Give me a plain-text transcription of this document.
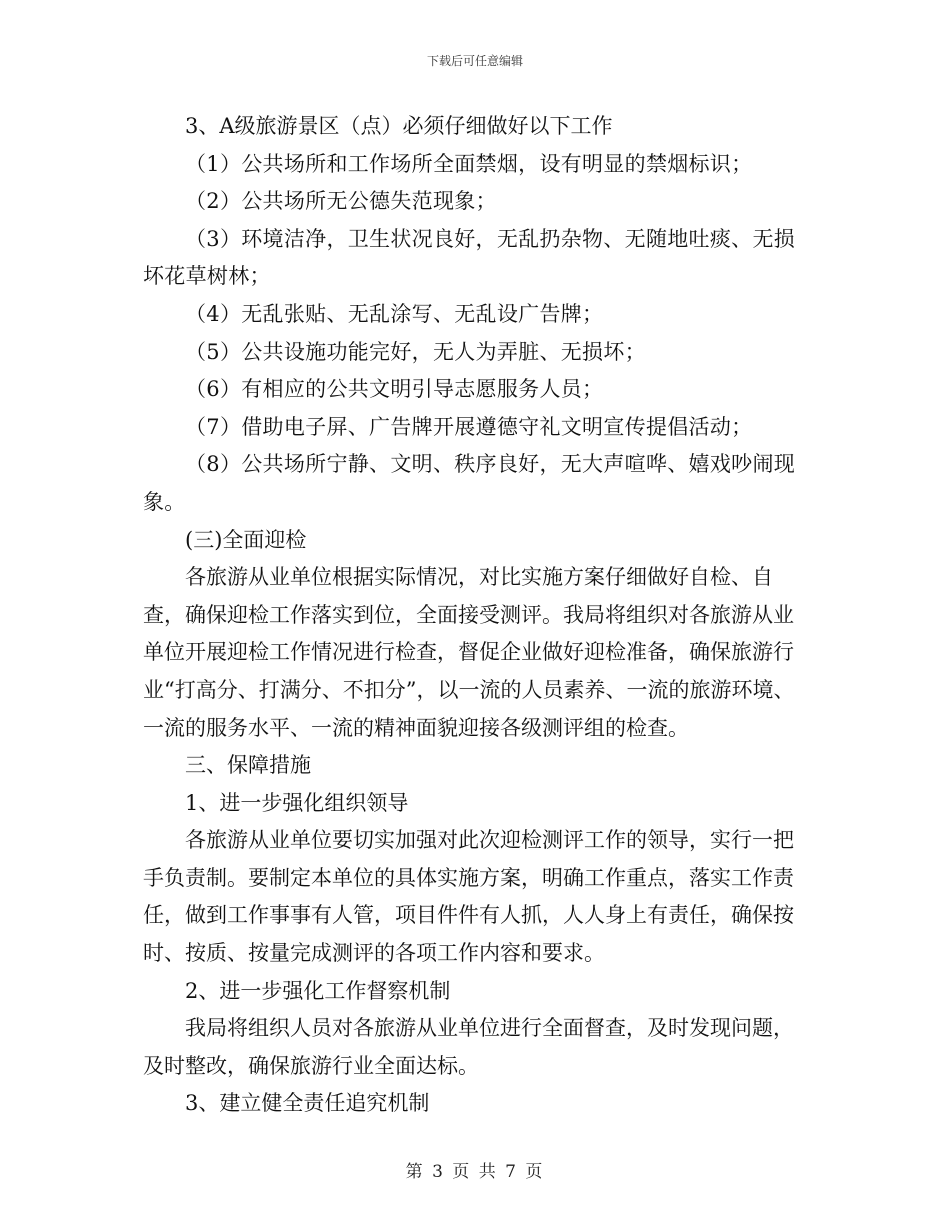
下载后可任意编辑

3、A级旅游景区（点）必须仔细做好以下工作

（1）公共场所和工作场所全面禁烟，设有明显的禁烟标识；

（2）公共场所无公德失范现象；

（3）环境洁净，卫生状况良好，无乱扔杂物、无随地吐痰、无损坏花草树林；

（4）无乱张贴、无乱涂写、无乱设广告牌；

（5）公共设施功能完好，无人为弄脏、无损坏；

（6）有相应的公共文明引导志愿服务人员；

（7）借助电子屏、广告牌开展遵德守礼文明宣传提倡活动；

（8）公共场所宁静、文明、秩序良好，无大声喧哗、嬉戏吵闹现象。

(三)全面迎检

各旅游从业单位根据实际情况，对比实施方案仔细做好自检、自查，确保迎检工作落实到位，全面接受测评。我局将组织对各旅游从业单位开展迎检工作情况进行检查，督促企业做好迎检准备，确保旅游行业“打高分、打满分、不扣分”，以一流的人员素养、一流的旅游环境、一流的服务水平、一流的精神面貌迎接各级测评组的检查。

三、保障措施

1、进一步强化组织领导

各旅游从业单位要切实加强对此次迎检测评工作的领导，实行一把手负责制。要制定本单位的具体实施方案，明确工作重点，落实工作责任，做到工作事事有人管，项目件件有人抓，人人身上有责任，确保按时、按质、按量完成测评的各项工作内容和要求。

2、进一步强化工作督察机制

我局将组织人员对各旅游从业单位进行全面督查，及时发现问题，及时整改，确保旅游行业全面达标。

3、建立健全责任追究机制

第 3 页 共 7 页
